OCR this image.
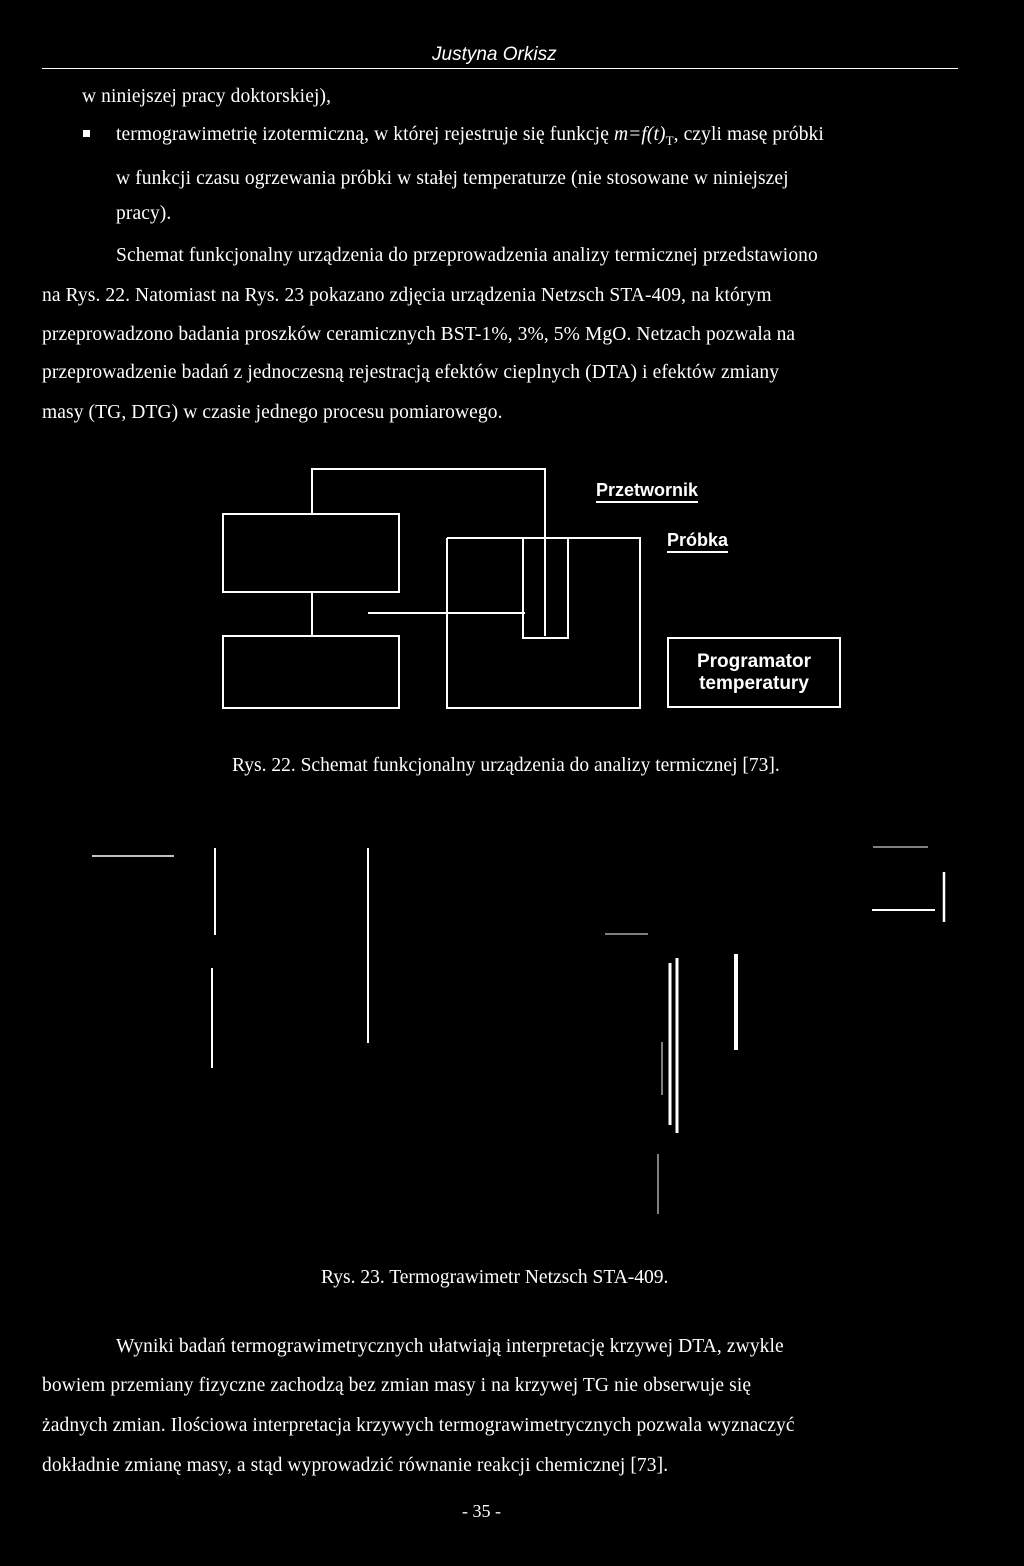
Justyna Orkisz
w niniejszej pracy doktorskiej),
termograwimetrię izotermiczną, w której rejestruje się funkcję $m=f(t)_T$, czyli masę próbki
w funkcji czasu ogrzewania próbki w stałej temperaturze (nie stosowane w niniejszej
pracy).
Schemat funkcjonalny urządzenia do przeprowadzenia analizy termicznej przedstawiono
na Rys. 22. Natomiast na Rys. 23 pokazano zdjęcia urządzenia Netzsch STA-409, na którym
przeprowadzono badania proszków ceramicznych BST-1%, 3%, 5% MgO. Netzach pozwala na
przeprowadzenie badań z jednoczesną rejestracją efektów cieplnych (DTA) i efektów zmiany
masy (TG, DTG) w czasie jednego procesu pomiarowego.
Przetwornik
Próbka
Programator
temperatury
Rys. 22. Schemat funkcjonalny urządzenia do analizy termicznej [73].
Rys. 23. Termograwimetr Netzsch STA-409.
Wyniki badań termograwimetrycznych ułatwiają interpretację krzywej DTA, zwykle
bowiem przemiany fizyczne zachodzą bez zmian masy i na krzywej TG nie obserwuje się
żadnych zmian. Ilościowa interpretacja krzywych termograwimetrycznych pozwala wyznaczyć
dokładnie zmianę masy, a stąd wyprowadzić równanie reakcji chemicznej [73].
- 35 -
